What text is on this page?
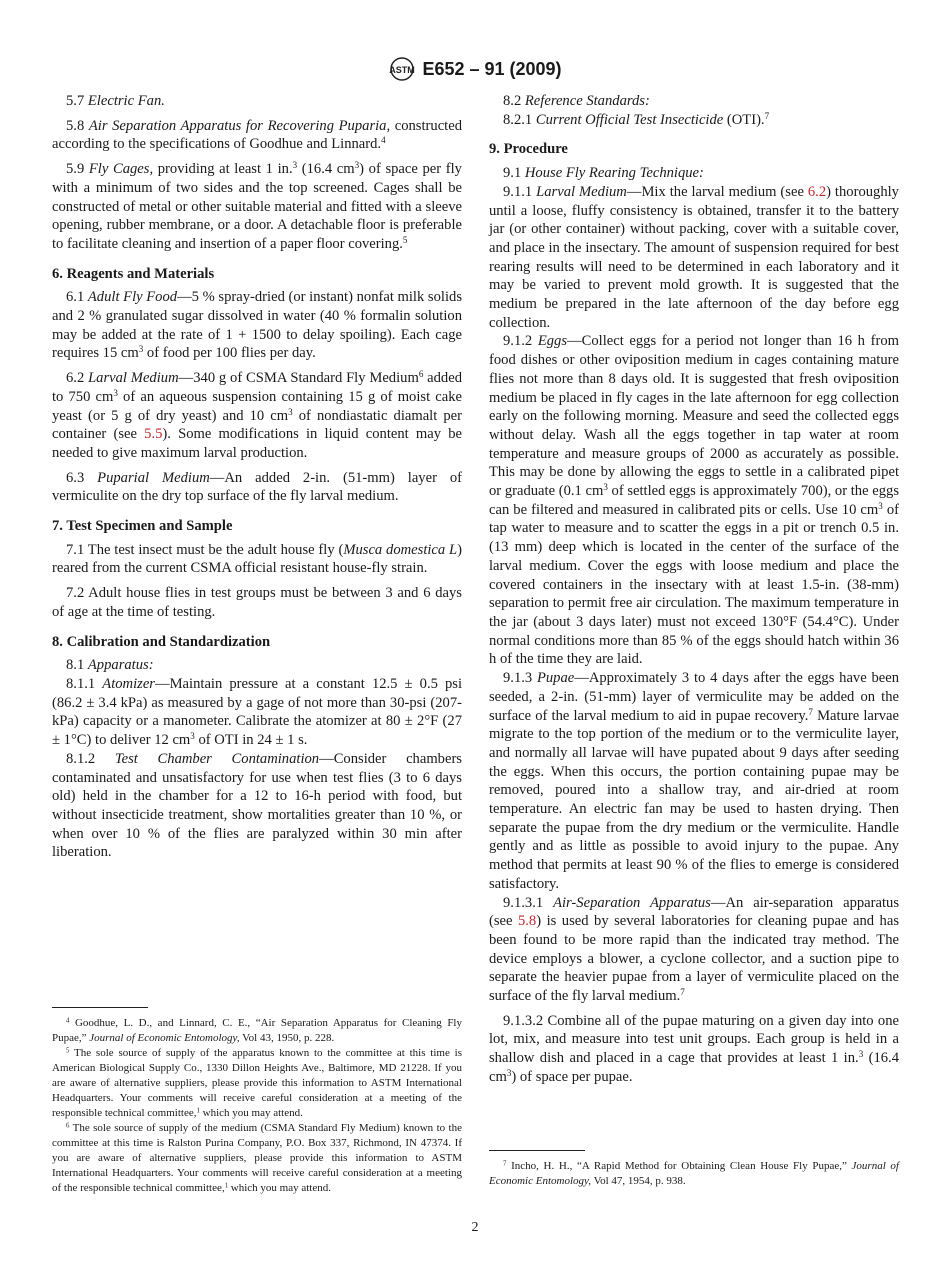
ASTM E652 – 91 (2009)
5.7 Electric Fan.
5.8 Air Separation Apparatus for Recovering Puparia, constructed according to the specifications of Goodhue and Linnard.$^4$
5.9 Fly Cages, providing at least 1 in.$^3$ (16.4 $cm^3$) of space per fly with a minimum of two sides and the top screened. Cages shall be constructed of metal or other suitable material and fitted with a sleeve opening, rubber membrane, or a door. A detachable floor is preferable to facilitate cleaning and insertion of a paper floor covering.$^5$
6. Reagents and Materials
6.1 Adult Fly Food—5 % spray-dried (or instant) nonfat milk solids and 2 % granulated sugar dissolved in water (40 % formalin solution may be added at the rate of 1 + 1500 to delay spoiling). Each cage requires 15 $cm^3$ of food per 100 flies per day.
6.2 Larval Medium—340 g of CSMA Standard Fly Medium$^6$ added to 750 $cm^3$ of an aqueous suspension containing 15 g of moist cake yeast (or 5 g of dry yeast) and 10 $cm^3$ of nondiastatic diamalt per container (see 5.5). Some modifications in liquid content may be needed to give maximum larval production.
6.3 Puparial Medium—An added 2-in. (51-mm) layer of vermiculite on the dry top surface of the fly larval medium.
7. Test Specimen and Sample
7.1 The test insect must be the adult house fly (Musca domestica L) reared from the current CSMA official resistant house-fly strain.
7.2 Adult house flies in test groups must be between 3 and 6 days of age at the time of testing.
8. Calibration and Standardization
8.1 Apparatus:
8.1.1 Atomizer—Maintain pressure at a constant 12.5 ± 0.5 psi (86.2 ± 3.4 kPa) as measured by a gage of not more than 30-psi (207-kPa) capacity or a manometer. Calibrate the atomizer at 80 ± 2°F (27 ± 1°C) to deliver 12 $cm^3$ of OTI in 24 ± 1 s.
8.1.2 Test Chamber Contamination—Consider chambers contaminated and unsatisfactory for use when test flies (3 to 6 days old) held in the chamber for a 12 to 16-h period with food, but without insecticide treatment, show mortalities greater than 10 %, or when over 10 % of the flies are paralyzed within 30 min after liberation.
8.2 Reference Standards:
8.2.1 Current Official Test Insecticide (OTI).$^7$
9. Procedure
9.1 House Fly Rearing Technique:
9.1.1 Larval Medium—Mix the larval medium (see 6.2) thoroughly until a loose, fluffy consistency is obtained, transfer it to the battery jar (or other container) without packing, cover with a suitable cover, and place in the insectary. The amount of suspension required for best rearing results will need to be determined in each laboratory and it may be varied to prevent mold growth. It is suggested that the medium be prepared in the late afternoon of the day before egg collection.
9.1.2 Eggs—Collect eggs for a period not longer than 16 h from food dishes or other oviposition medium in cages containing mature flies not more than 8 days old. It is suggested that fresh oviposition medium be placed in fly cages in the late afternoon for egg collection early on the following morning. Measure and seed the collected eggs without delay. Wash all the eggs together in tap water at room temperature and measure groups of 2000 as accurately as possible. This may be done by allowing the eggs to settle in a calibrated pipet or graduate (0.1 $cm^3$ of settled eggs is approximately 700), or the eggs can be filtered and measured in calibrated pits or cells. Use 10 $cm^3$ of tap water to measure and to scatter the eggs in a pit or trench 0.5 in. (13 mm) deep which is located in the center of the surface of the larval medium. Cover the eggs with loose medium and place the covered containers in the insectary with at least 1.5-in. (38-mm) separation to permit free air circulation. The maximum temperature in the jar (about 3 days later) must not exceed 130°F (54.4°C). Under normal conditions more than 85 % of the eggs should hatch within 36 h of the time they are laid.
9.1.3 Pupae—Approximately 3 to 4 days after the eggs have been seeded, a 2-in. (51-mm) layer of vermiculite may be added on the surface of the larval medium to aid in pupae recovery.$^7$ Mature larvae migrate to the top portion of the medium or to the vermiculite layer, and normally all larvae will have pupated about 9 days after seeding the eggs. When this occurs, the portion containing pupae may be removed, poured into a shallow tray, and air-dried at room temperature. An electric fan may be used to hasten drying. Then separate the pupae from the dry medium or the vermiculite. Handle gently and as little as possible to avoid injury to the pupae. Any method that permits at least 90 % of the flies to emerge is considered satisfactory.
9.1.3.1 Air-Separation Apparatus—An air-separation apparatus (see 5.8) is used by several laboratories for cleaning pupae and has been found to be more rapid than the indicated tray method. The device employs a blower, a cyclone collector, and a suction pipe to separate the heavier pupae from a layer of vermiculite placed on the surface of the fly larval medium.$^7$
9.1.3.2 Combine all of the pupae maturing on a given day into one lot, mix, and measure into test unit groups. Each group is held in a shallow dish and placed in a cage that provides at least 1 in.$^3$ (16.4 $cm^3$) of space per pupae.
$^4$ Goodhue, L. D., and Linnard, C. E., “Air Separation Apparatus for Cleaning Fly Pupae,” Journal of Economic Entomology, Vol 43, 1950, p. 228.
$^5$ The sole source of supply of the apparatus known to the committee at this time is American Biological Supply Co., 1330 Dillon Heights Ave., Baltimore, MD 21228. If you are aware of alternative suppliers, please provide this information to ASTM International Headquarters. Your comments will receive careful consideration at a meeting of the responsible technical committee,$^1$ which you may attend.
$^6$ The sole source of supply of the medium (CSMA Standard Fly Medium) known to the committee at this time is Ralston Purina Company, P.O. Box 337, Richmond, IN 47374. If you are aware of alternative suppliers, please provide this information to ASTM International Headquarters. Your comments will receive careful consideration at a meeting of the responsible technical committee,$^1$ which you may attend.
$^7$ Incho, H. H., “A Rapid Method for Obtaining Clean House Fly Pupae,” Journal of Economic Entomology, Vol 47, 1954, p. 938.
2
